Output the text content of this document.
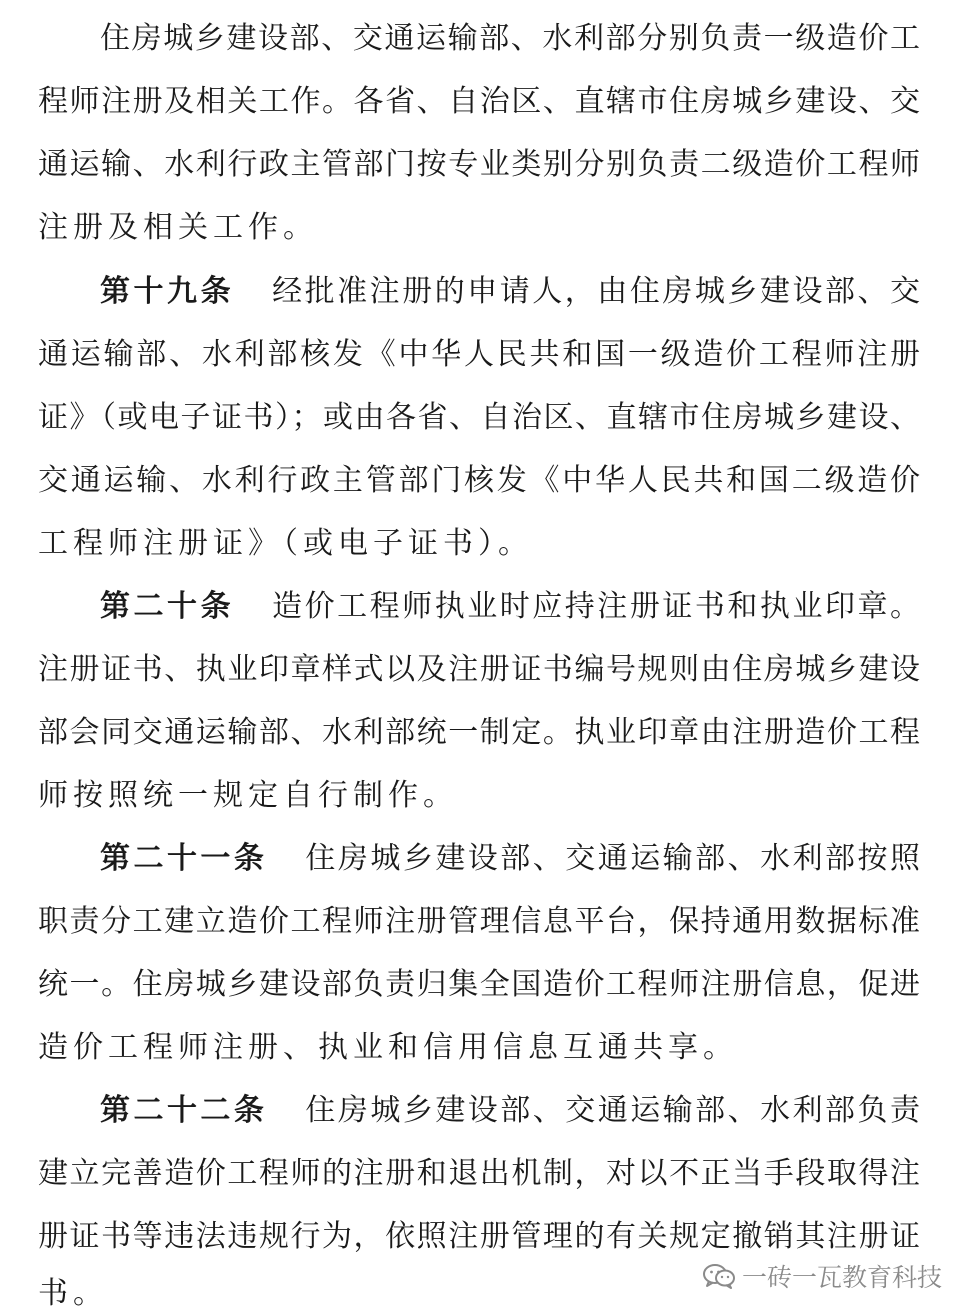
住房城乡建设部、交通运输部、水利部分别负责一级造价工
程师注册及相关工作。各省、自治区、直辖市住房城乡建设、交
通运输、水利行政主管部门按专业类别分别负责二级造价工程师
注册及相关工作。
第十九条 经批准注册的申请人，由住房城乡建设部、交
通运输部、水利部核发《中华人民共和国一级造价工程师注册
证》（或电子证书）；或由各省、自治区、直辖市住房城乡建设、
交通运输、水利行政主管部门核发《中华人民共和国二级造价
工程师注册证》（或电子证书）。
第二十条 造价工程师执业时应持注册证书和执业印章。
注册证书、执业印章样式以及注册证书编号规则由住房城乡建设
部会同交通运输部、水利部统一制定。执业印章由注册造价工程
师按照统一规定自行制作。
第二十一条 住房城乡建设部、交通运输部、水利部按照
职责分工建立造价工程师注册管理信息平台，保持通用数据标准
统一。住房城乡建设部负责归集全国造价工程师注册信息，促进
造价工程师注册、执业和信用信息互通共享。
第二十二条 住房城乡建设部、交通运输部、水利部负责
建立完善造价工程师的注册和退出机制，对以不正当手段取得注
册证书等违法违规行为，依照注册管理的有关规定撤销其注册证
书。	一砖一瓦教育科技
